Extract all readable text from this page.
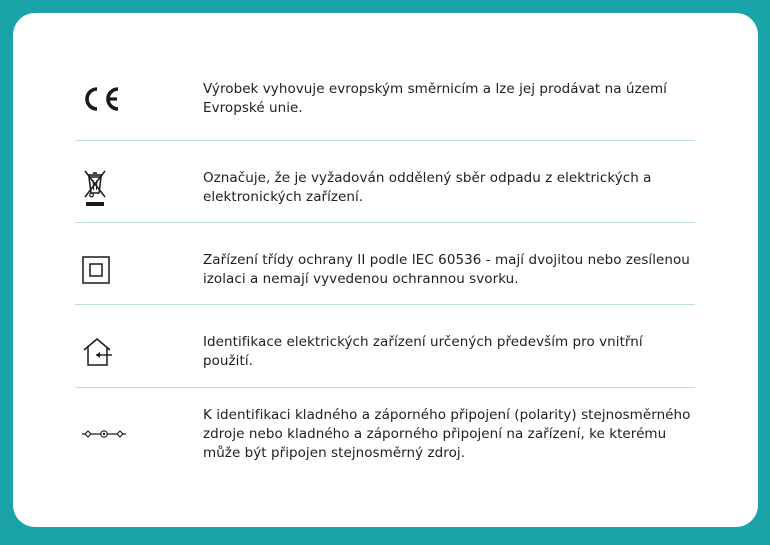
Výrobek vyhovuje evropským směrnicím a lze jej prodávat na území Evropské unie.
Označuje, že je vyžadován oddělený sběr odpadu z elektrických a elektronických zařízení.
Zařízení třídy ochrany II podle IEC 60536 - mají dvojitou nebo zesílenou izolaci a nemají vyvedenou ochrannou svorku.
Identifikace elektrických zařízení určených především pro vnitřní použití.
K identifikaci kladného a záporného připojení (polarity) stejnosměrného zdroje nebo kladného a záporného připojení na zařízení, ke kterému může být připojen stejnosměrný zdroj.
